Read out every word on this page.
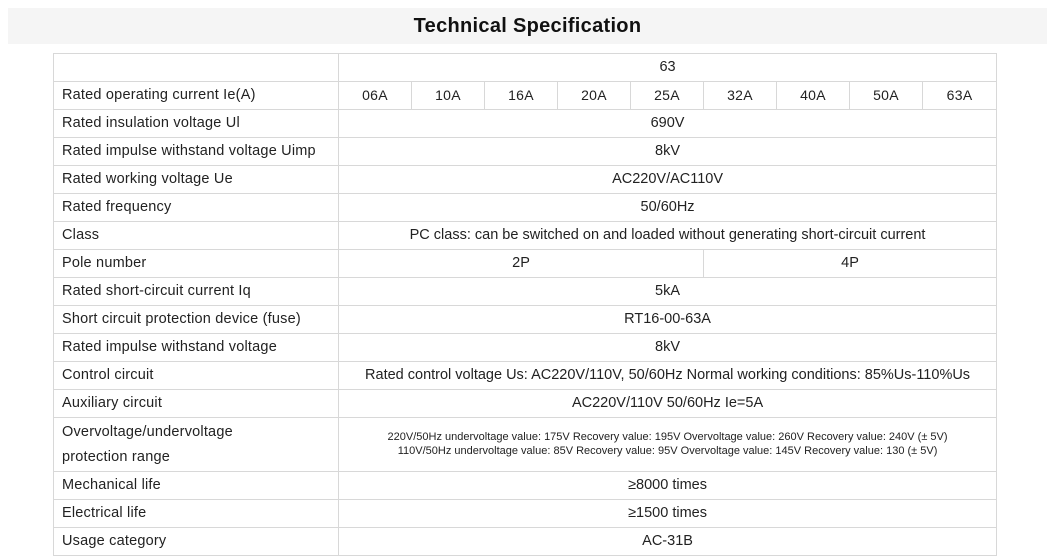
Technical Specification
	63								
Rated operating current Ie(A)	06A	10A	16A	20A	25A	32A	40A	50A	63A
Rated insulation voltage Ul	690V								
Rated impulse withstand voltage Uimp	8kV								
Rated working voltage Ue	AC220V/AC110V								
Rated frequency	50/60Hz								
Class	PC class: can be switched on and loaded without generating short-circuit current								
Pole number	2P					4P			
Rated short-circuit current Iq	5kA								
Short circuit protection device (fuse)	RT16-00-63A								
Rated impulse withstand voltage	8kV								
Control circuit	Rated control voltage Us: AC220V/110V, 50/60Hz Normal working conditions: 85%Us-110%Us								
Auxiliary circuit	AC220V/110V 50/60Hz Ie=5A								

Overvoltage/undervoltage
protection range	220V/50Hz undervoltage value: 175V Recovery value: 195V Overvoltage value: 260V Recovery value: 240V (± 5V)
110V/50Hz undervoltage value: 85V Recovery value: 95V Overvoltage value: 145V Recovery value: 130 (± 5V)								

Mechanical life	≥8000 times								
Electrical life	≥1500 times								
Usage category	AC-31B								
